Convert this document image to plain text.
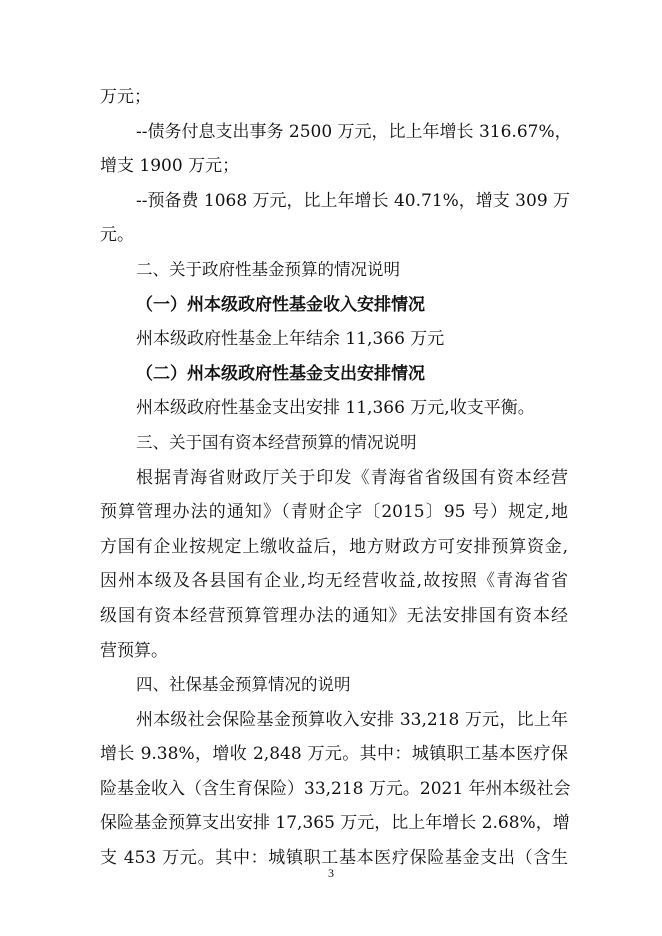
万元；
--债务付息支出事务 2500 万元，比上年增长 316.67%，
增支 1900 万元；
--预备费 1068 万元，比上年增长 40.71%，增支 309 万
元。
二、关于政府性基金预算的情况说明
（一）州本级政府性基金收入安排情况
州本级政府性基金上年结余 11,366 万元
（二）州本级政府性基金支出安排情况
州本级政府性基金支出安排 11,366 万元,收支平衡。
三、关于国有资本经营预算的情况说明
根据青海省财政厅关于印发《青海省省级国有资本经营
预算管理办法的通知》（青财企字〔2015〕95 号）规定,地
方国有企业按规定上缴收益后，地方财政方可安排预算资金,
因州本级及各县国有企业,均无经营收益,故按照《青海省省
级国有资本经营预算管理办法的通知》无法安排国有资本经
营预算。
四、社保基金预算情况的说明
州本级社会保险基金预算收入安排 33,218 万元，比上年
增长 9.38%，增收 2,848 万元。其中：城镇职工基本医疗保
险基金收入（含生育保险）33,218 万元。2021 年州本级社会
保险基金预算支出安排 17,365 万元，比上年增长 2.68%，增
支 453 万元。其中：城镇职工基本医疗保险基金支出（含生
3
